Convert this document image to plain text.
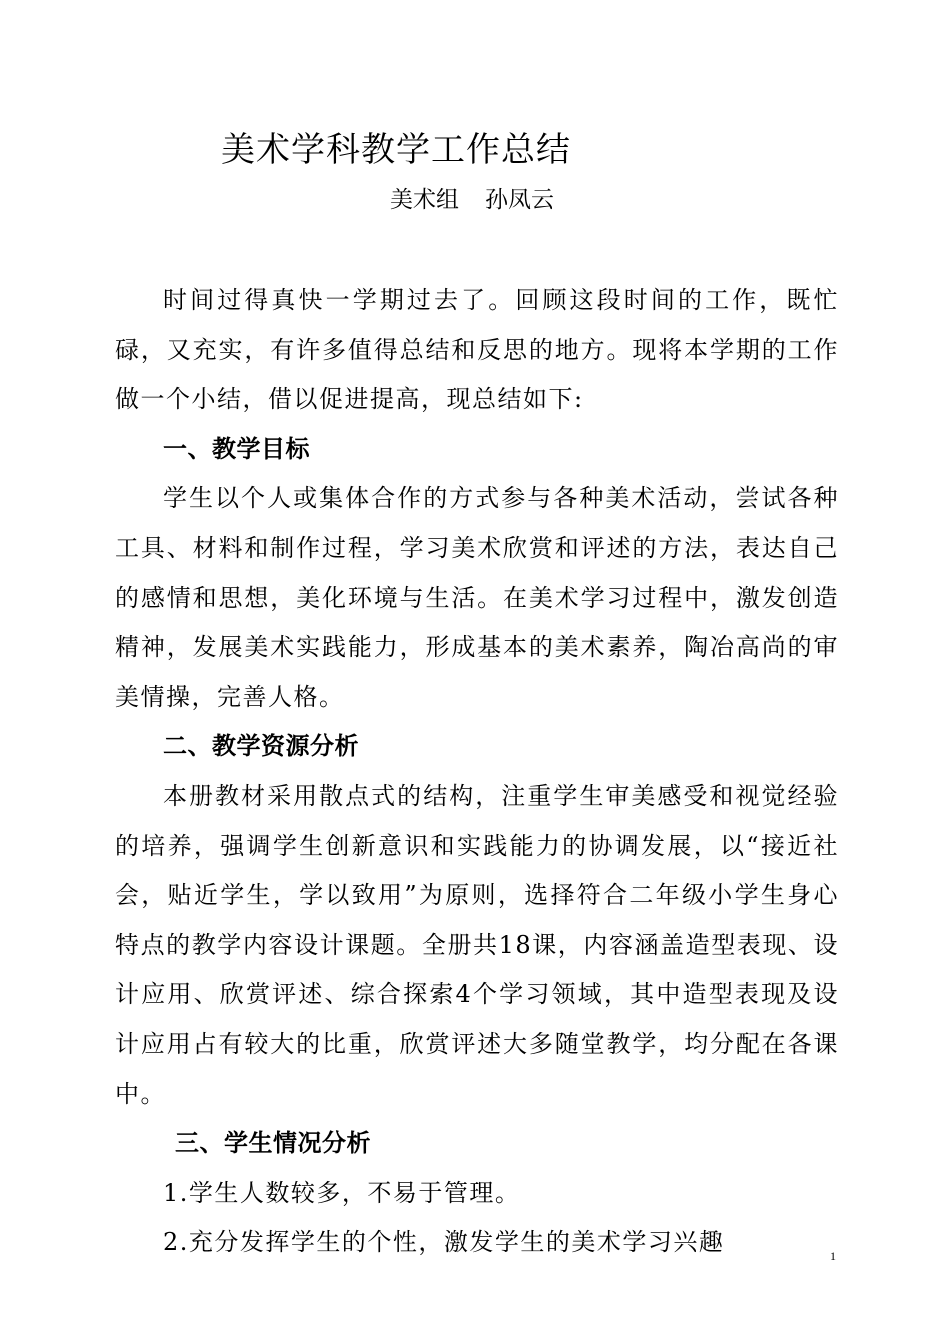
美术学科教学工作总结
美术组 孙凤云

时间过得真快一学期过去了。回顾这段时间的工作，既忙碌，又充实，有许多值得总结和反思的地方。现将本学期的工作做一个小结，借以促进提高，现总结如下:

一、教学目标

学生以个人或集体合作的方式参与各种美术活动，尝试各种工具、材料和制作过程，学习美术欣赏和评述的方法，表达自己的感情和思想，美化环境与生活。在美术学习过程中，激发创造精神，发展美术实践能力，形成基本的美术素养，陶冶高尚的审美情操，完善人格。

二、教学资源分析

本册教材采用散点式的结构，注重学生审美感受和视觉经验的培养，强调学生创新意识和实践能力的协调发展，以“接近社会，贴近学生，学以致用”为原则，选择符合二年级小学生身心特点的教学内容设计课题。全册共18课，内容涵盖造型表现、设计应用、欣赏评述、综合探索4个学习领域，其中造型表现及设计应用占有较大的比重，欣赏评述大多随堂教学，均分配在各课中。

三、学生情况分析

1.学生人数较多，不易于管理。

2.充分发挥学生的个性，激发学生的美术学习兴趣	1
